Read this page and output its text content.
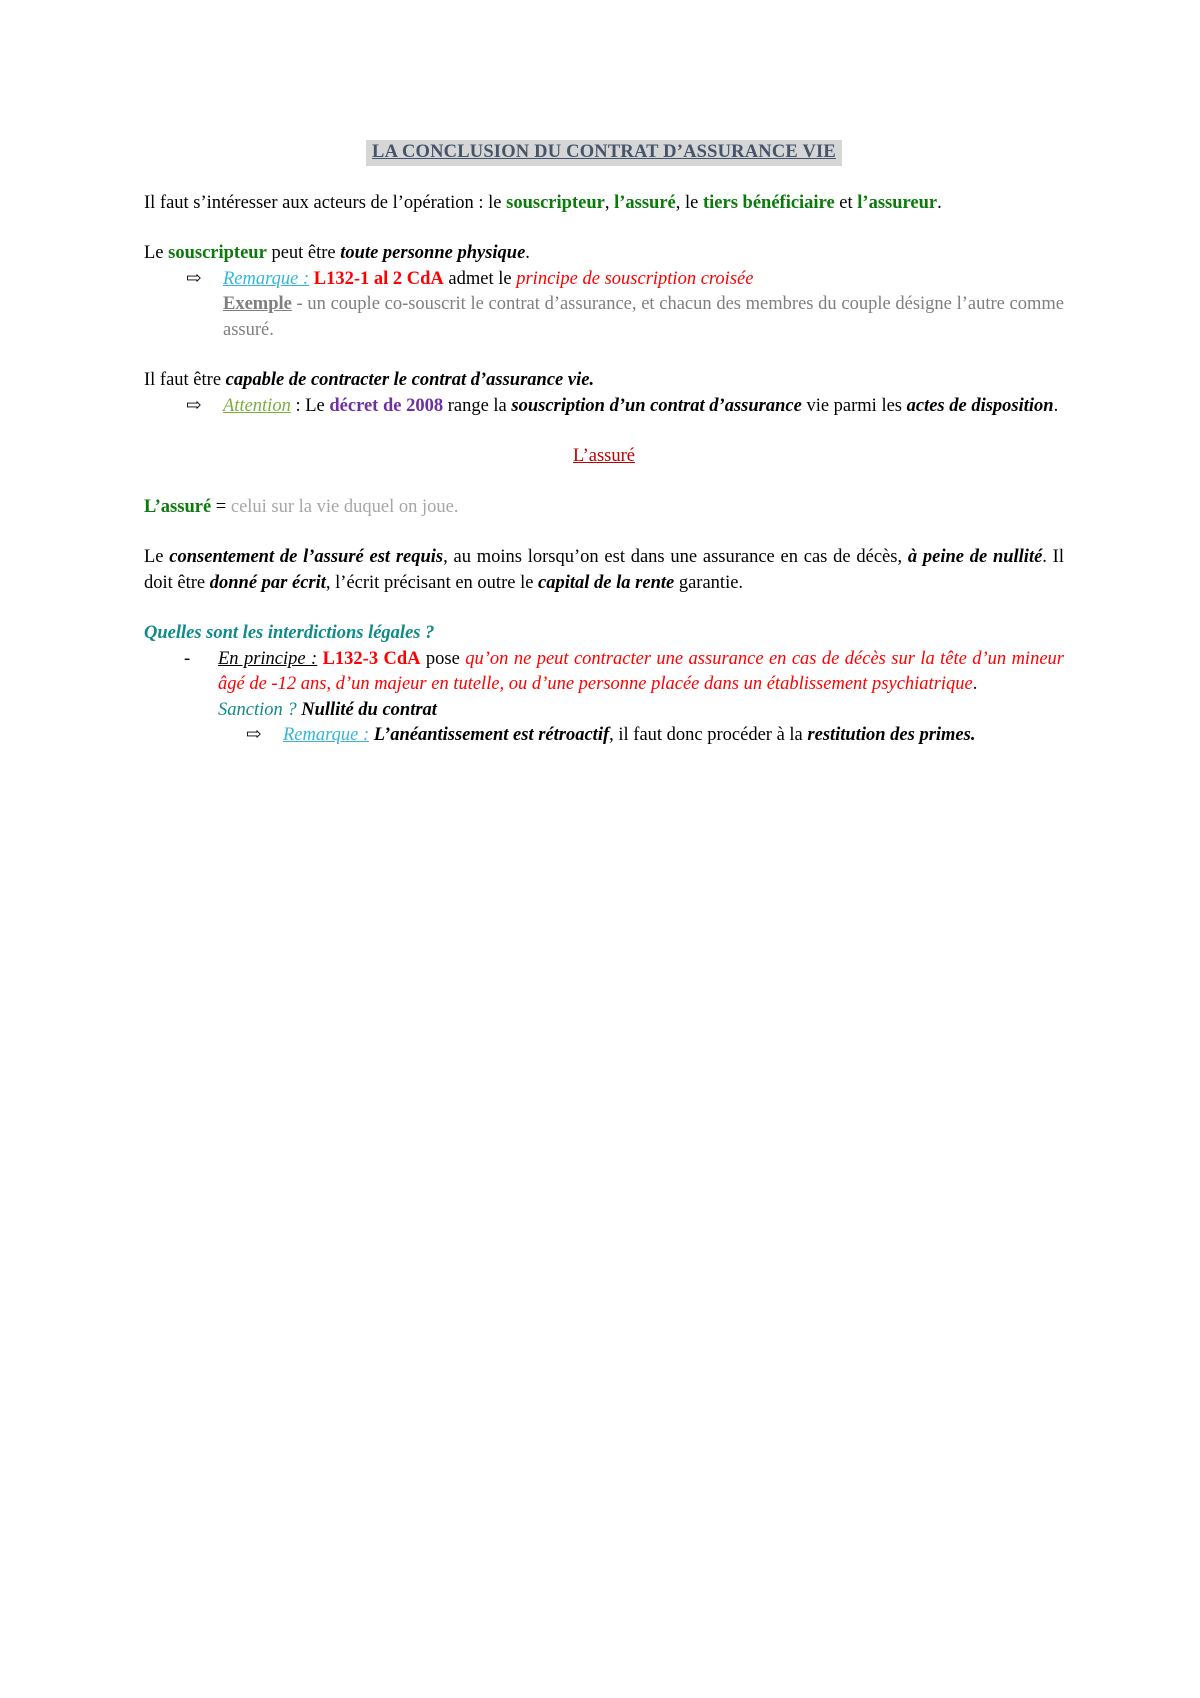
LA CONCLUSION DU CONTRAT D’ASSURANCE VIE

Il faut s’intéresser aux acteurs de l’opération : le souscripteur, l’assuré, le tiers bénéficiaire et l’assureur.

Le souscripteur peut être toute personne physique.

⇨ Remarque : L132-1 al 2 CdA admet le principe de souscription croisée
Exemple - un couple co-souscrit le contrat d’assurance, et chacun des membres du couple désigne l’autre comme assuré.

Il faut être capable de contracter le contrat d’assurance vie.

⇨ Attention : Le décret de 2008 range la souscription d’un contrat d’assurance vie parmi les actes de disposition.
L’assuré

L’assuré = celui sur la vie duquel on joue.

Le consentement de l’assuré est requis, au moins lorsqu’on est dans une assurance en cas de décès, à peine de nullité. Il doit être donné par écrit, l’écrit précisant en outre le capital de la rente garantie.

Quelles sont les interdictions légales ?

- En principe : L132-3 CdA pose qu’on ne peut contracter une assurance en cas de décès sur la tête d’un mineur âgé de -12 ans, d’un majeur en tutelle, ou d’une personne placée dans un établissement psychiatrique.
Sanction ? Nullité du contrat
⇨ Remarque : L’anéantissement est rétroactif, il faut donc procéder à la restitution des primes.
